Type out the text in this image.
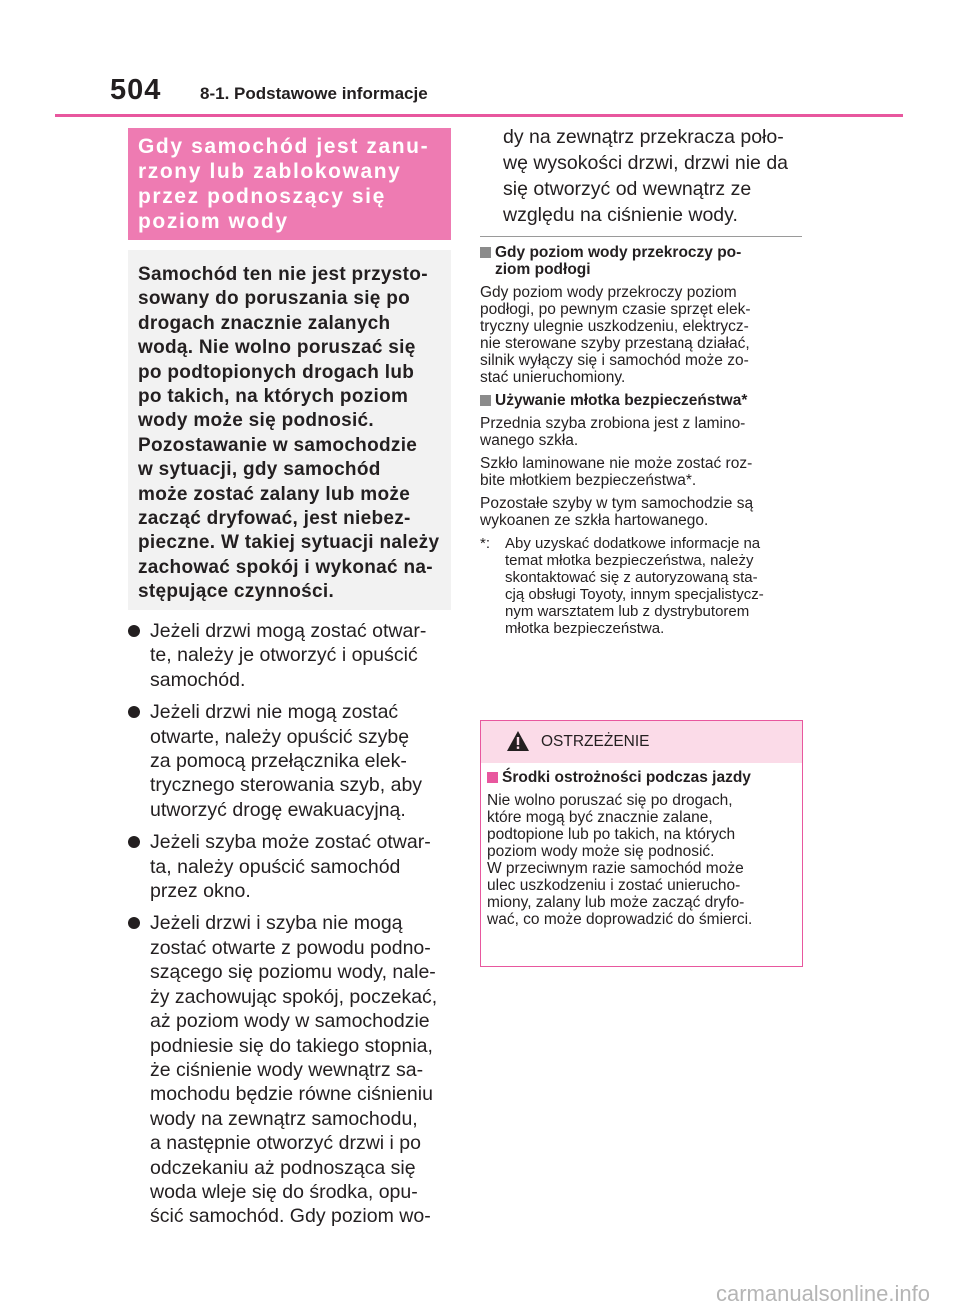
504 8-1. Podstawowe informacje
Gdy samochód jest zanu-
rzony lub zablokowany
przez podnoszący się
poziom wody
Samochód ten nie jest przysto-
sowany do poruszania się po
drogach znacznie zalanych
wodą. Nie wolno poruszać się
po podtopionych drogach lub
po takich, na których poziom
wody może się podnosić.
Pozostawanie w samochodzie
w sytuacji, gdy samochód
może zostać zalany lub może
zacząć dryfować, jest niebez-
pieczne. W takiej sytuacji należy
zachować spokój i wykonać na-
stępujące czynności.
Jeżeli drzwi mogą zostać otwar-
te, należy je otworzyć i opuścić
samochód.
Jeżeli drzwi nie mogą zostać
otwarte, należy opuścić szybę
za pomocą przełącznika elek-
trycznego sterowania szyb, aby
utworzyć drogę ewakuacyjną.
Jeżeli szyba może zostać otwar-
ta, należy opuścić samochód
przez okno.
Jeżeli drzwi i szyba nie mogą
zostać otwarte z powodu podno-
szącego się poziomu wody, nale-
ży zachowując spokój, poczekać,
aż poziom wody w samochodzie
podniesie się do takiego stopnia,
że ciśnienie wody wewnątrz sa-
mochodu będzie równe ciśnieniu
wody na zewnątrz samochodu,
a następnie otworzyć drzwi i po
odczekaniu aż podnosząca się
woda wleje się do środka, opu-
ścić samochód. Gdy poziom wo-
dy na zewnątrz przekracza poło-
wę wysokości drzwi, drzwi nie da
się otworzyć od wewnątrz ze
względu na ciśnienie wody.
Gdy poziom wody przekroczy po-
ziom podłogi
Gdy poziom wody przekroczy poziom
podłogi, po pewnym czasie sprzęt elek-
tryczny ulegnie uszkodzeniu, elektrycz-
nie sterowane szyby przestaną działać,
silnik wyłączy się i samochód może zo-
stać unieruchomiony.
Używanie młotka bezpieczeństwa*
Przednia szyba zrobiona jest z lamino-
wanego szkła.
Szkło laminowane nie może zostać roz-
bite młotkiem bezpieczeństwa*.
Pozostałe szyby w tym samochodzie są
wykoanen ze szkła hartowanego.
*: Aby uzyskać dodatkowe informacje na
temat młotka bezpieczeństwa, należy
skontaktować się z autoryzowaną sta-
cją obsługi Toyoty, innym specjalistycz-
nym warsztatem lub z dystrybutorem
młotka bezpieczeństwa.
OSTRZEŻENIE
Środki ostrożności podczas jazdy
Nie wolno poruszać się po drogach,
które mogą być znacznie zalane,
podtopione lub po takich, na których
poziom wody może się podnosić.
W przeciwnym razie samochód może
ulec uszkodzeniu i zostać unierucho-
miony, zalany lub może zacząć dryfo-
wać, co może doprowadzić do śmierci.
carmanualsonline.info
